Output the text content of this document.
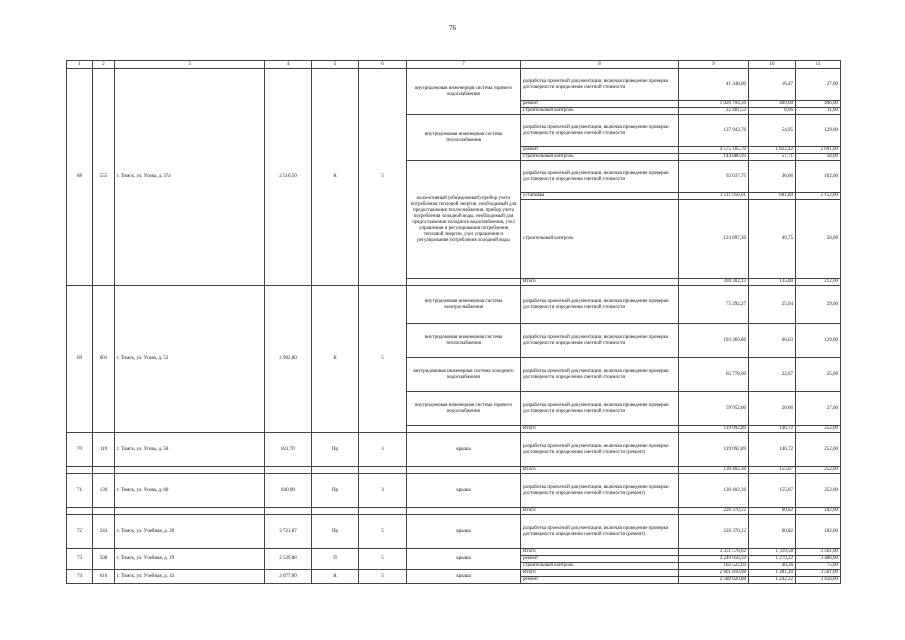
76
1	2	3	4	5	6	7	8	9	10	11
68	555	г. Томск, ул. Усова, д. 37а	2 510,50	К	5	внутридомовая инженерная система горячего водоснабжения	разработка проектной документации, включая проведение проверки достоверности определения сметной стоимости	41 348,00	16,47	27,00
							ремонт	1 026 794,50	409,00	496,00
							строительный контроль	22 481,53	8,96	11,00
						внутридомовая инженерная система теплоснабжения	разработка проектной документации, включая проведение проверки достоверности определения сметной стоимости	137 943,76	54,95	129,00
							ремонт	4 575 185,70	1 822,42	2 691,00
							строительный контроль	144 880,93	57,71	58,00
						коллективный (общедомовой) прибор учета потребления тепловой энергии, необходимый для предоставления теплоснабжения, прибор учета потребления холодной воды, необходимый для предоставления холодного водоснабжения, узел управления и регулирования потребления тепловой энергии, узел управления и регулирования потребления холодной воды	разработка проектной документации, включая проведение проверки достоверности определения сметной стоимости	92 037,75	36,66	102,00
							установка	1 511 056,01	601,89	2 152,00
							строительный контроль	124 897,36	49,75	50,00
							Итого	394 302,13	135,00	212,00
69	601	г. Томск, ул. Усова, д. 52	2 902,00	К	5	внутридомовая инженерная система электроснабжения	разработка проектной документации, включая проведение проверки достоверности определения сметной стоимости	75 292,27	25,94	29,00
						внутридомовая инженерная система теплоснабжения	разработка проектной документации, включая проведение проверки достоверности определения сметной стоимости	193 369,86	66,63	129,00
						внутридомовая инженерная система холодного водоснабжения	разработка проектной документации, включая проведение проверки достоверности определения сметной стоимости	65 778,00	22,67	25,00
						внутридомовая инженерная система горячего водоснабжения	разработка проектной документации, включая проведение проверки достоверности определения сметной стоимости	59 952,00	20,66	27,00
							Итого	119 092,89	146,72	252,00
70	119	г. Томск, ул. Усова, д. 58	811,70	Пр	3	крыша	разработка проектной документации, включая проведение проверки достоверности определения сметной стоимости (ремонт)	119 092,89	146,72	252,00
							Итого	130 402,36	155,07	252,00
71	139	г. Томск, ул. Усова, д. 60	840,90	Пр	3	крыша	разработка проектной документации, включая проведение проверки достоверности определения сметной стоимости (ремонт)	130 402,36	155,07	252,00
							Итого	226 370,22	60,82	182,00
72	244	г. Томск, ул. Учебная, д. 20	3 721,87	Пр	5	крыша	разработка проектной документации, включая проведение проверки достоверности определения сметной стоимости (ремонт)	226 370,22	60,82	182,00
73	508	г. Томск, ул. Учебная, д. 19	2 539,88	П	5	крыша	Итого	3 351 578,62	1 319,58	3 561,00
							ремонт	3 249 056,59	1 279,22	3 486,00
							строительный контроль	102 522,03	40,36	75,00
74	610	г. Томск, ул. Учебная, д. 43	2 077,00	К	5	крыша	Итого	2 661 810,98	1 281,20	3 561,00
							ремонт	2 580 820,88	1 242,22	3 456,00
